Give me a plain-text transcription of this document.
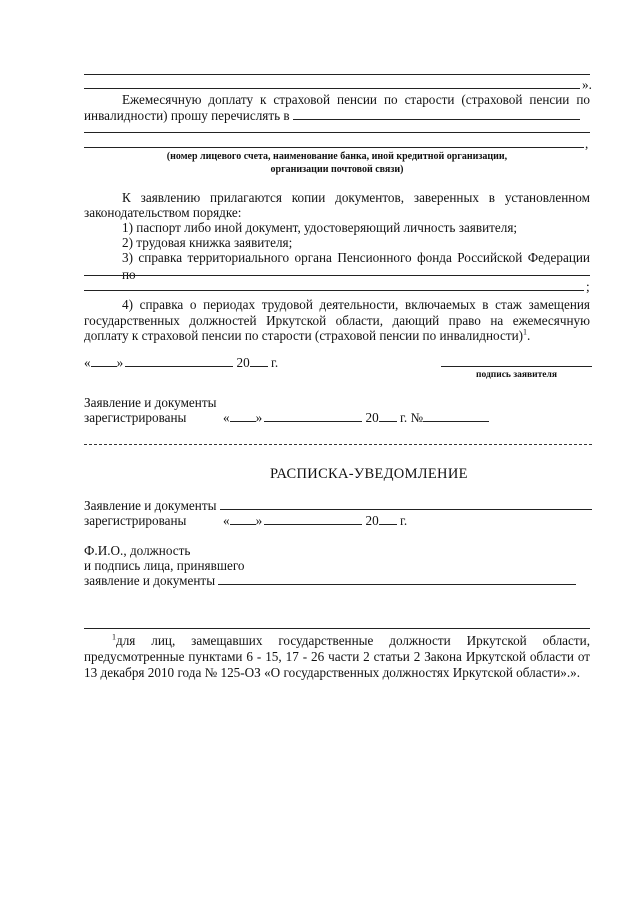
».
Ежемесячную доплату к страховой пенсии по старости (страховой пенсии по
инвалидности) прошу перечислять в
,
(номер лицевого счета, наименование банка, иной кредитной организации,
организации почтовой связи)
К заявлению прилагаются копии документов, заверенных в установленном
законодательством порядке:
1) паспорт либо иной документ, удостоверяющий личность заявителя;
2) трудовая книжка заявителя;
3) справка территориального органа Пенсионного фонда Российской Федерации по
;
4) справка о периодах трудовой деятельности, включаемых в стаж замещения
государственных должностей Иркутской области, дающий право на ежемесячную
доплату к страховой пенсии по старости (страховой пенсии по инвалидности)$^1$.
« »	20 г.
подпись заявителя
Заявление и документы
зарегистрированы	« »	20 г. №
РАСПИСКА-УВЕДОМЛЕНИЕ
Заявление и документы
зарегистрированы	« »	20 г.
Ф.И.О., должность
и подпись лица, принявшего
заявление и документы
$^1$для лиц, замещавших государственные должности Иркутской области,
предусмотренные пунктами 6 - 15, 17 - 26 части 2 статьи 2 Закона Иркутской области от
13 декабря 2010 года № 125-ОЗ «О государственных должностях Иркутской области».».
